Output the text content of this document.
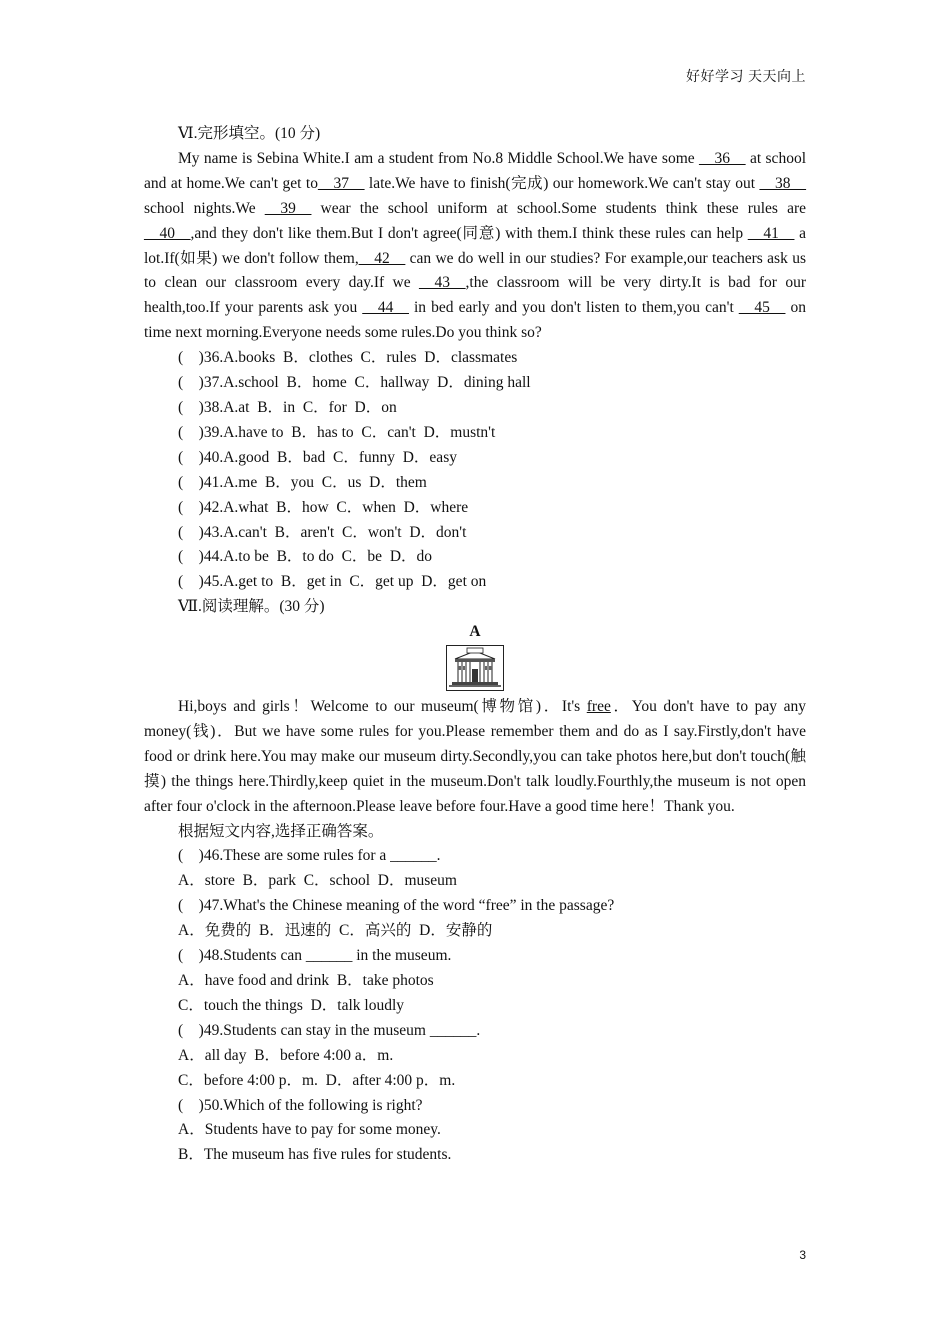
好好学习 天天向上
Ⅵ.完形填空。(10 分)
My name is Sebina White.I am a student from No.8 Middle School.We have some __36__ at school and at home.We can't get to__37__ late.We have to finish(完成) our homework.We can't stay out __38__ school nights.We __39__ wear the school uniform at school.Some students think these rules are __40__,and they don't like them.But I don't agree(同意) with them.I think these rules can help __41__ a lot.If(如果) we don't follow them,__42__ can we do well in our studies? For example,our teachers ask us to clean our classroom every day.If we __43__,the classroom will be very dirty.It is bad for our health,too.If your parents ask you __44__ in bed early and you don't listen to them,you can't __45__ on time next morning.Everyone needs some rules.Do you think so?
(    )36.A.books  B．clothes  C．rules  D．classmates
(    )37.A.school  B．home  C．hallway  D．dining hall
(    )38.A.at  B．in  C．for  D．on
(    )39.A.have to  B．has to  C．can't  D．mustn't
(    )40.A.good  B．bad  C．funny  D．easy
(    )41.A.me  B．you  C．us  D．them
(    )42.A.what  B．how  C．when  D．where
(    )43.A.can't  B．aren't  C．won't  D．don't
(    )44.A.to be  B．to do  C．be  D．do
(    )45.A.get to  B．get in  C．get up  D．get on
Ⅶ.阅读理解。(30 分)
A
Hi,boys and girls！Welcome to our museum(博物馆)．It's free．You don't have to pay any money(钱)．But we have some rules for you.Please remember them and do as I say.Firstly,don't have food or drink here.You may make our museum dirty.Secondly,you can take photos here,but don't touch(触摸) the things here.Thirdly,keep quiet in the museum.Don't talk loudly.Fourthly,the museum is not open after four o'clock in the afternoon.Please leave before four.Have a good time here！Thank you.
根据短文内容,选择正确答案。
(    )46.These are some rules for a ______.
A．store  B．park  C．school  D．museum
(    )47.What's the Chinese meaning of the word “free” in the passage?
A．免费的  B．迅速的  C．高兴的  D．安静的
(    )48.Students can ______ in the museum.
A．have food and drink  B．take photos
C．touch the things  D．talk loudly
(    )49.Students can stay in the museum ______.
A．all day  B．before 4:00 a．m.
C．before 4:00 p．m.  D．after 4:00 p．m.
(    )50.Which of the following is right?
A．Students have to pay for some money.
B．The museum has five rules for students.
3
